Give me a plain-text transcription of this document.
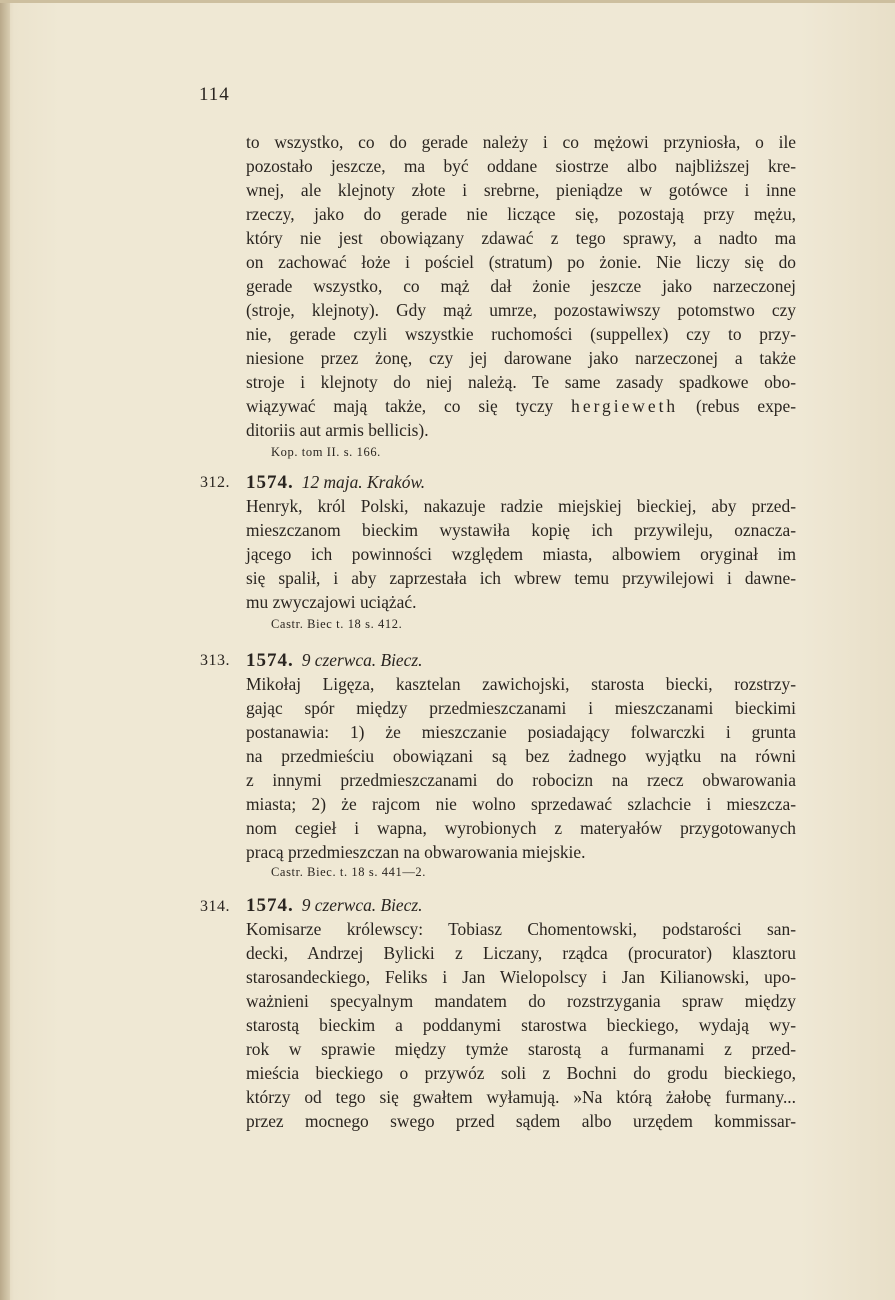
114
to wszystko, co do gerade należy i co mężowi przyniosła, o ile
pozostało jeszcze, ma być oddane siostrze albo najbliższej kre-
wnej, ale klejnoty złote i srebrne, pieniądze w gotówce i inne
rzeczy, jako do gerade nie liczące się, pozostają przy mężu,
który nie jest obowiązany zdawać z tego sprawy, a nadto ma
on zachować łoże i pościel (stratum) po żonie. Nie liczy się do
gerade wszystko, co mąż dał żonie jeszcze jako narzeczonej
(stroje, klejnoty). Gdy mąż umrze, pozostawiwszy potomstwo czy
nie, gerade czyli wszystkie ruchomości (suppellex) czy to przy-
niesione przez żonę, czy jej darowane jako narzeczonej a także
stroje i klejnoty do niej należą. Te same zasady spadkowe obo-
wiązywać mają także, co się tyczy hergieweth (rebus expe-
ditoriis aut armis bellicis).
Kop. tom II. s. 166.
312. 1574. 12 maja. Kraków.
Henryk, król Polski, nakazuje radzie miejskiej bieckiej, aby przed-
mieszczanom bieckim wystawiła kopię ich przywileju, oznacza-
jącego ich powinności względem miasta, albowiem oryginał im
się spalił, i aby zaprzestała ich wbrew temu przywilejowi i dawne-
mu zwyczajowi uciążać.
Castr. Biec t. 18 s. 412.
313. 1574. 9 czerwca. Biecz.
Mikołaj Ligęza, kasztelan zawichojski, starosta biecki, rozstrzy-
gając spór między przedmieszczanami i mieszczanami bieckimi
postanawia: 1) że mieszczanie posiadający folwarczki i grunta
na przedmieściu obowiązani są bez żadnego wyjątku na równi
z innymi przedmieszczanami do robocizn na rzecz obwarowania
miasta; 2) że rajcom nie wolno sprzedawać szlachcie i mieszcza-
nom cegieł i wapna, wyrobionych z materyałów przygotowanych
pracą przedmieszczan na obwarowania miejskie.
Castr. Biec. t. 18 s. 441—2.
314. 1574. 9 czerwca. Biecz.
Komisarze królewscy: Tobiasz Chomentowski, podstarości san-
decki, Andrzej Bylicki z Liczany, rządca (procurator) klasztoru
starosandeckiego, Feliks i Jan Wielopolscy i Jan Kilianowski, upo-
ważnieni specyalnym mandatem do rozstrzygania spraw między
starostą bieckim a poddanymi starostwa bieckiego, wydają wy-
rok w sprawie między tymże starostą a furmanami z przed-
mieścia bieckiego o przywóz soli z Bochni do grodu bieckiego,
którzy od tego się gwałtem wyłamują. »Na którą żałobę furmany...
przez mocnego swego przed sądem albo urzędem kommissar-
